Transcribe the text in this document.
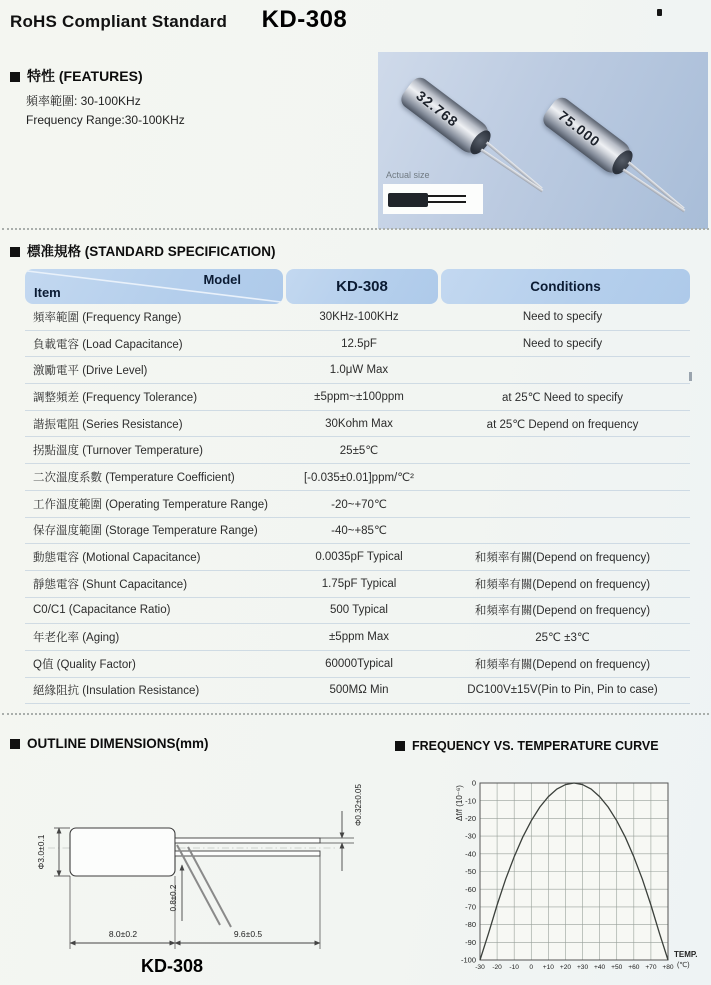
RoHS Compliant Standard KD-308
特性 (FEATURES)
頻率範圍: 30-100KHz
Frequency Range:30-100KHz	32.768	75.000
Actual size
標准規格 (STANDARD SPECIFICATION)
Item
Model	KD-308	Conditions
頻率範圍 (Frequency Range)	30KHz-100KHz	Need to specify
負載電容 (Load Capacitance)	12.5pF	Need to specify
激勵電平 (Drive Level)	1.0μW Max
調整頻差 (Frequency Tolerance)	±5ppm~±100ppm	at 25℃ Need to specify
諧振電阻 (Series Resistance)	30Kohm Max	at 25℃ Depend on frequency
拐點溫度 (Turnover Temperature)	25±5℃
二次溫度系數 (Temperature Coefficient)	[-0.035±0.01]ppm/℃²
工作溫度範圍 (Operating Temperature Range)	-20~+70℃
保存溫度範圍 (Storage Temperature Range)	-40~+85℃
動態電容 (Motional Capacitance)	0.0035pF Typical	和頻率有關(Depend on frequency)
靜態電容 (Shunt Capacitance)	1.75pF Typical	和頻率有關(Depend on frequency)
C0/C1 (Capacitance Ratio)	500 Typical	和頻率有關(Depend on frequency)
年老化率 (Aging)	±5ppm Max	25℃ ±3℃
Q值 (Quality Factor)	60000Typical	和頻率有關(Depend on frequency)
絕緣阻抗 (Insulation Resistance)	500MΩ Min	DC100V±15V(Pin to Pin, Pin to case)
OUTLINE DIMENSIONS(mm)
Φ3.0±0.1
0.8±0.2
Φ0.32±0.05
8.0±0.2	9.6±0.5
KD-308
FREQUENCY VS. TEMPERATURE CURVE
0
-10
-20
-30
-40
-50
-60
-70
-80
-90
-100
-30 -20 -10 0 +10 +20 +30 +40 +50 +60 +70 +80
TEMP.
(℃)
Δf/f (10⁻⁶)
